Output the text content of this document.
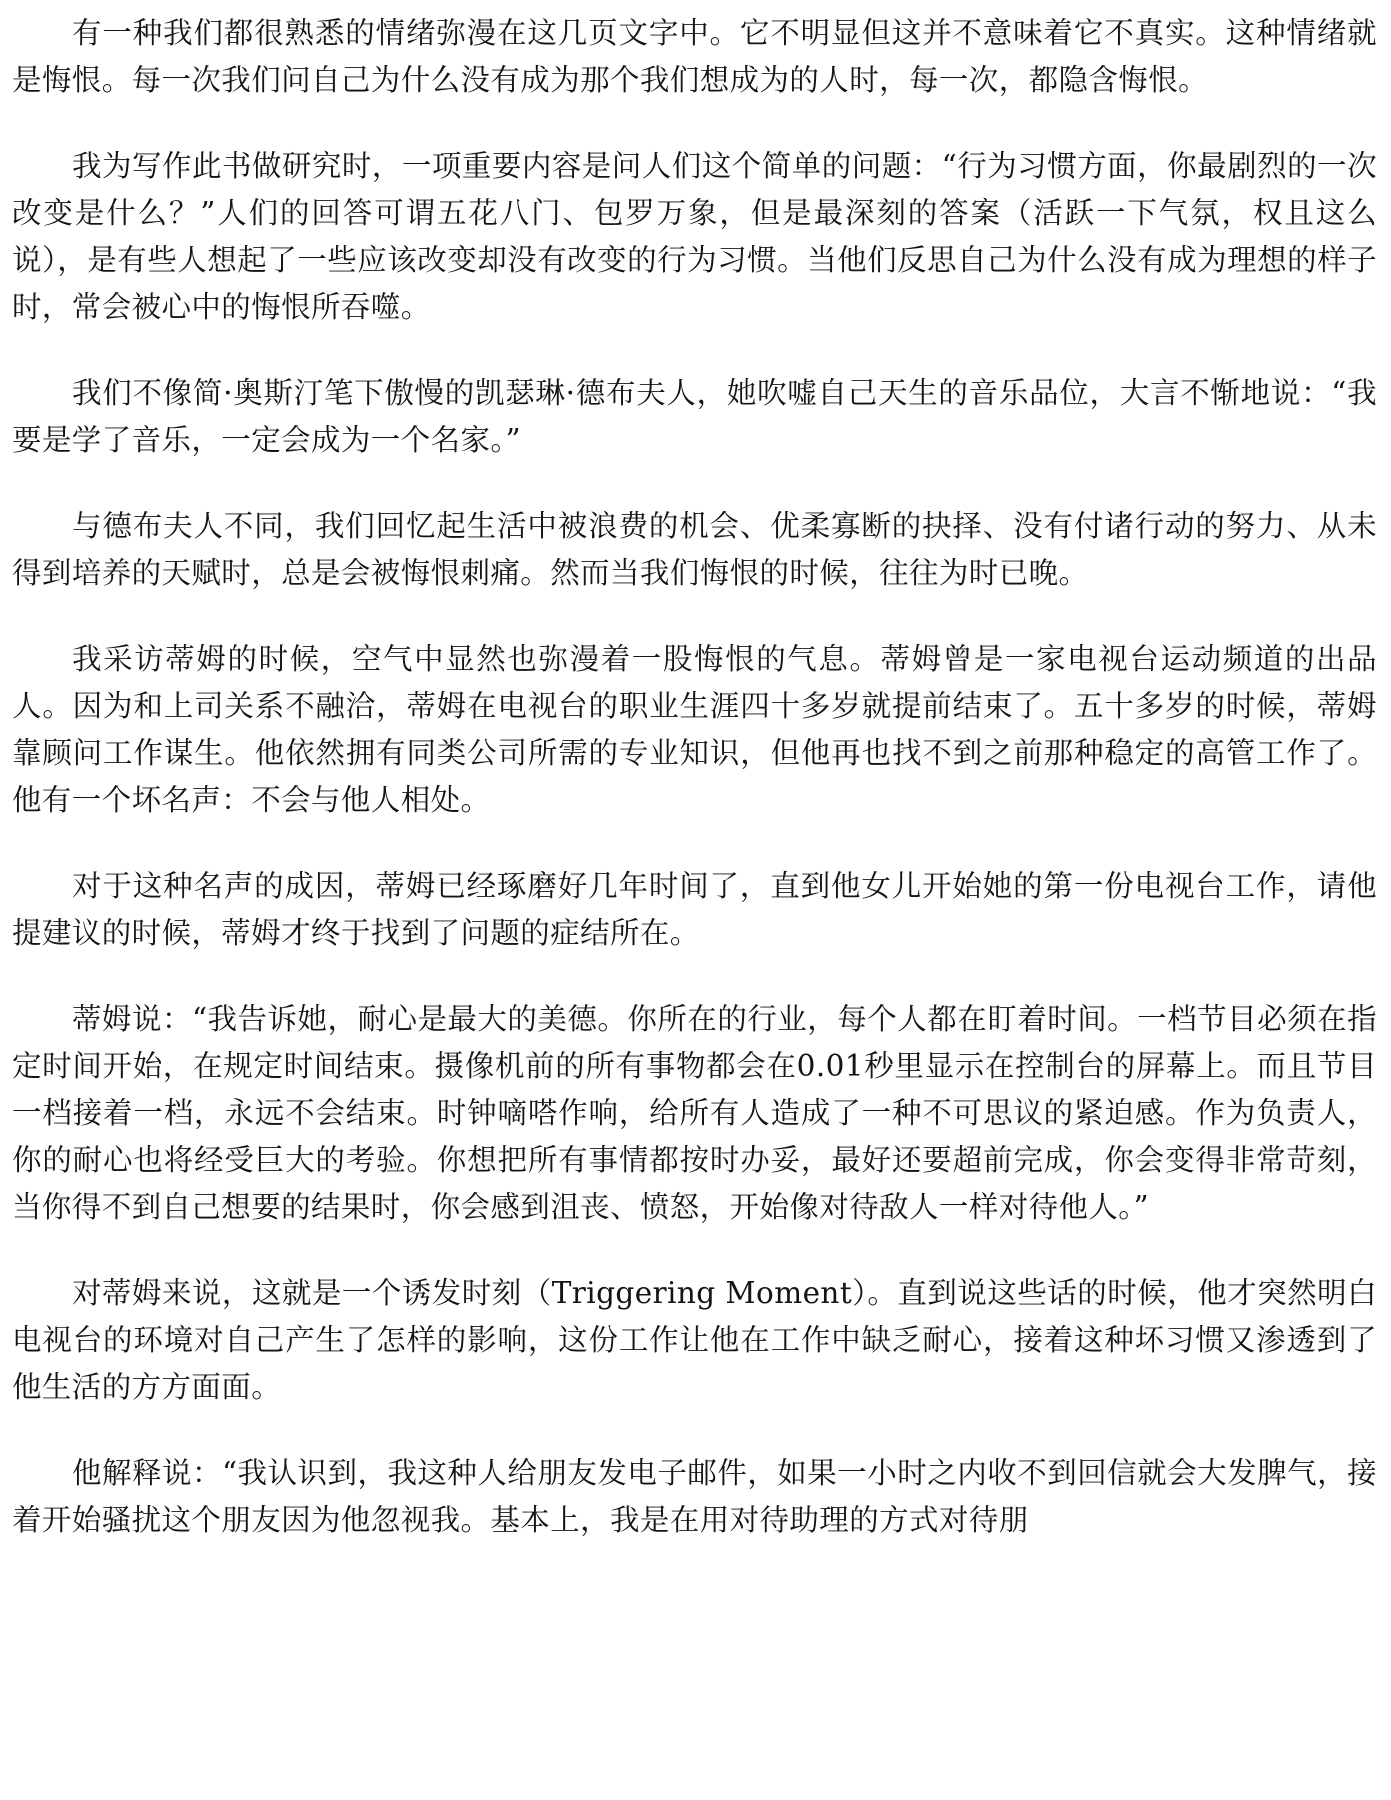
有一种我们都很熟悉的情绪弥漫在这几页文字中。它不明显但这并不意味着它不真实。这种情绪就是悔恨。每一次我们问自己为什么没有成为那个我们想成为的人时，每一次，都隐含悔恨。

我为写作此书做研究时，一项重要内容是问人们这个简单的问题：“行为习惯方面，你最剧烈的一次改变是什么？”人们的回答可谓五花八门、包罗万象，但是最深刻的答案（活跃一下气氛，权且这么说），是有些人想起了一些应该改变却没有改变的行为习惯。当他们反思自己为什么没有成为理想的样子时，常会被心中的悔恨所吞噬。

我们不像简·奥斯汀笔下傲慢的凯瑟琳·德布夫人，她吹嘘自己天生的音乐品位，大言不惭地说：“我要是学了音乐，一定会成为一个名家。”

与德布夫人不同，我们回忆起生活中被浪费的机会、优柔寡断的抉择、没有付诸行动的努力、从未得到培养的天赋时，总是会被悔恨刺痛。然而当我们悔恨的时候，往往为时已晚。

我采访蒂姆的时候，空气中显然也弥漫着一股悔恨的气息。蒂姆曾是一家电视台运动频道的出品人。因为和上司关系不融洽，蒂姆在电视台的职业生涯四十多岁就提前结束了。五十多岁的时候，蒂姆靠顾问工作谋生。他依然拥有同类公司所需的专业知识，但他再也找不到之前那种稳定的高管工作了。他有一个坏名声：不会与他人相处。

对于这种名声的成因，蒂姆已经琢磨好几年时间了，直到他女儿开始她的第一份电视台工作，请他提建议的时候，蒂姆才终于找到了问题的症结所在。

蒂姆说：“我告诉她，耐心是最大的美德。你所在的行业，每个人都在盯着时间。一档节目必须在指定时间开始，在规定时间结束。摄像机前的所有事物都会在0.01秒里显示在控制台的屏幕上。而且节目一档接着一档，永远不会结束。时钟嘀嗒作响，给所有人造成了一种不可思议的紧迫感。作为负责人，你的耐心也将经受巨大的考验。你想把所有事情都按时办妥，最好还要超前完成，你会变得非常苛刻，当你得不到自己想要的结果时，你会感到沮丧、愤怒，开始像对待敌人一样对待他人。”

对蒂姆来说，这就是一个诱发时刻（Triggering Moment）。直到说这些话的时候，他才突然明白电视台的环境对自己产生了怎样的影响，这份工作让他在工作中缺乏耐心，接着这种坏习惯又渗透到了他生活的方方面面。

他解释说：“我认识到，我这种人给朋友发电子邮件，如果一小时之内收不到回信就会大发脾气，接着开始骚扰这个朋友因为他忽视我。基本上，我是在用对待助理的方式对待朋
